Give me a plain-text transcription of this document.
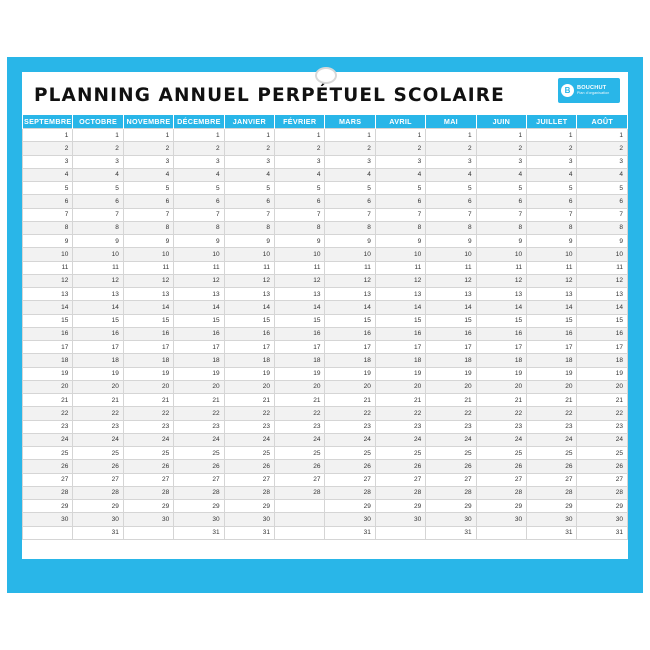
PLANNING ANNUEL PERPÉTUEL SCOLAIRE	B	BOUCHUT
Plan d'organisation
SEPTEMBRE	OCTOBRE	NOVEMBRE	DÉCEMBRE	JANVIER	FÉVRIER	MARS	AVRIL	MAI	JUIN	JUILLET	AOÛT
1	1	1	1	1	1	1	1	1	1	1	1
2	2	2	2	2	2	2	2	2	2	2	2
3	3	3	3	3	3	3	3	3	3	3	3
4	4	4	4	4	4	4	4	4	4	4	4
5	5	5	5	5	5	5	5	5	5	5	5
6	6	6	6	6	6	6	6	6	6	6	6
7	7	7	7	7	7	7	7	7	7	7	7
8	8	8	8	8	8	8	8	8	8	8	8
9	9	9	9	9	9	9	9	9	9	9	9
10	10	10	10	10	10	10	10	10	10	10	10
11	11	11	11	11	11	11	11	11	11	11	11
12	12	12	12	12	12	12	12	12	12	12	12
13	13	13	13	13	13	13	13	13	13	13	13
14	14	14	14	14	14	14	14	14	14	14	14
15	15	15	15	15	15	15	15	15	15	15	15
16	16	16	16	16	16	16	16	16	16	16	16
17	17	17	17	17	17	17	17	17	17	17	17
18	18	18	18	18	18	18	18	18	18	18	18
19	19	19	19	19	19	19	19	19	19	19	19
20	20	20	20	20	20	20	20	20	20	20	20
21	21	21	21	21	21	21	21	21	21	21	21
22	22	22	22	22	22	22	22	22	22	22	22
23	23	23	23	23	23	23	23	23	23	23	23
24	24	24	24	24	24	24	24	24	24	24	24
25	25	25	25	25	25	25	25	25	25	25	25
26	26	26	26	26	26	26	26	26	26	26	26
27	27	27	27	27	27	27	27	27	27	27	27
28	28	28	28	28	28	28	28	28	28	28	28
29	29	29	29	29		29	29	29	29	29	29
30	30	30	30	30		30	30	30	30	30	30
	31		31	31		31		31		31	31
